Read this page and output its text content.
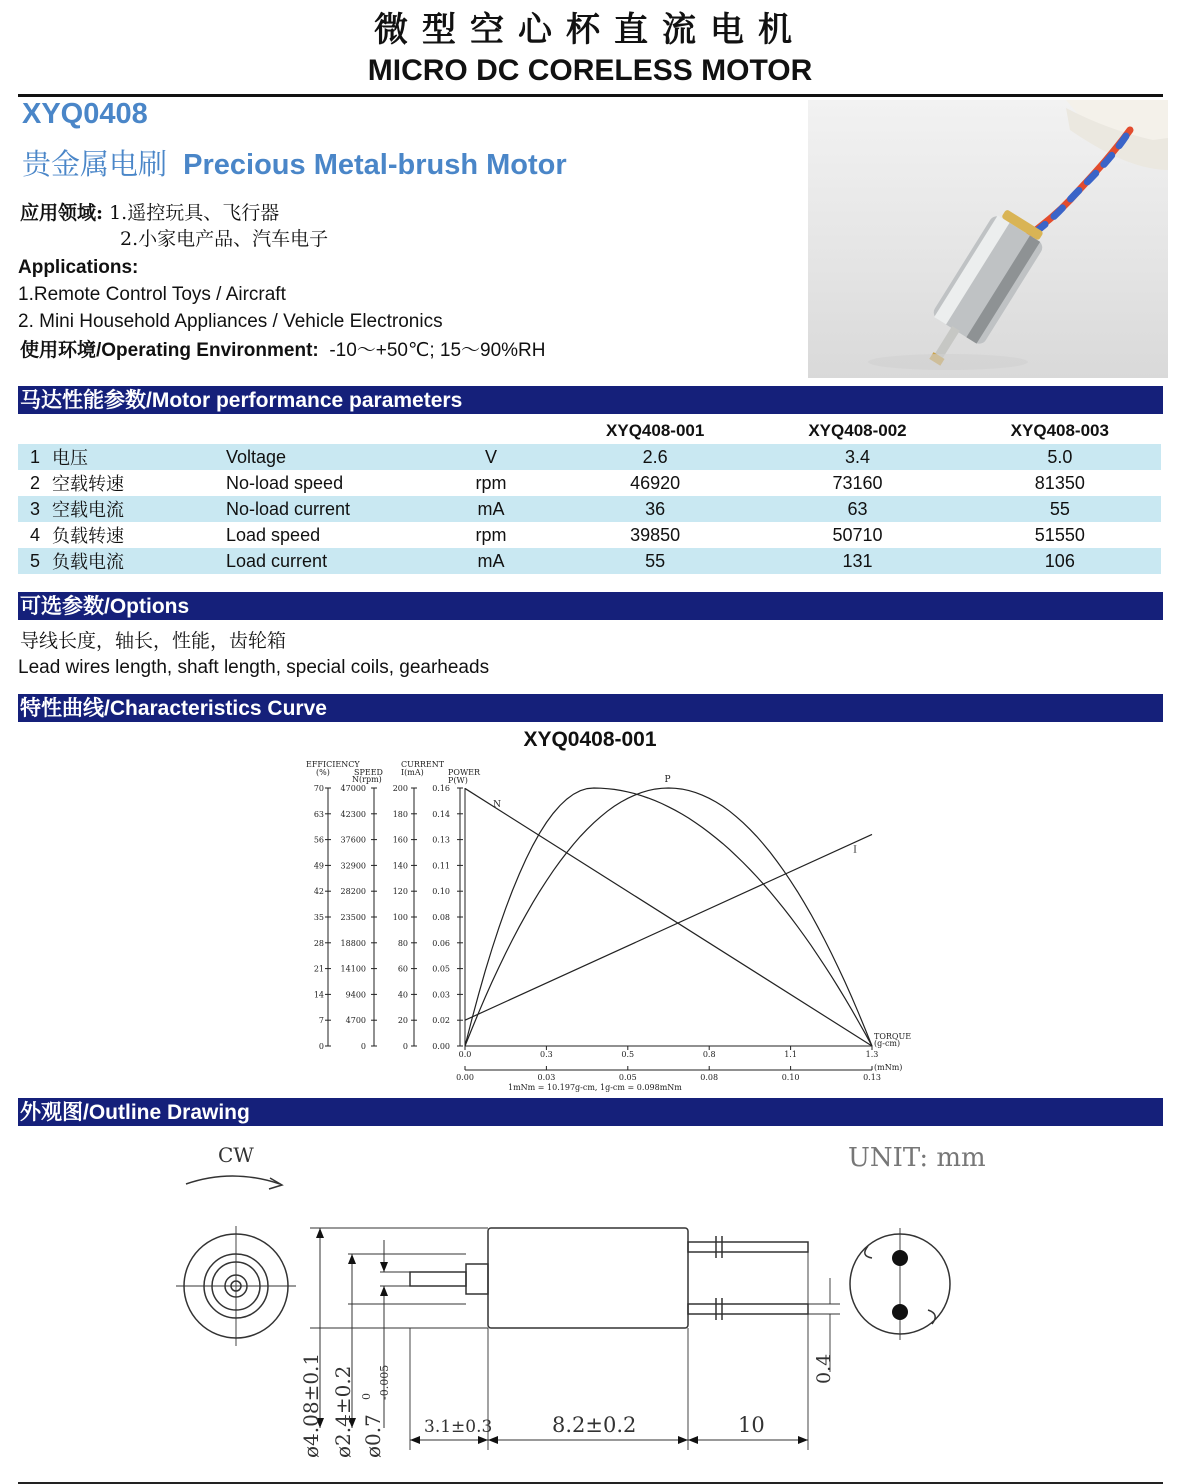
微型空心杯直流电机
MICRO DC CORELESS MOTOR
XYQ0408
贵金属电刷 Precious Metal-brush Motor
应用领域: 1.遥控玩具、飞行器
2.小家电产品、汽车电子
Applications:
1.Remote Control Toys / Aircraft
2. Mini Household Appliances / Vehicle Electronics
使用环境/Operating Environment: -10～+50℃; 15～90%RH
马达性能参数/Motor performance parameters
				XYQ408-001	XYQ408-002	XYQ408-003
1	电压	Voltage	V	2.6	3.4	5.0
2	空载转速	No-load speed	rpm	46920	73160	81350
3	空载电流	No-load current	mA	36	63	55
4	负载转速	Load speed	rpm	39850	50710	51550
5	负载电流	Load current	mA	55	131	106
可选参数/Options
导线长度，轴长，性能，齿轮箱
Lead wires length, shaft length, special coils, gearheads
特性曲线/Characteristics Curve
XYQ0408-001
EFFICIENCY
(%)	SPEED
N(rpm)
CURRENT
I(mA)	POWER
P(W)
TORQUE
(g-cm)
(mNm)
1mNm = 10.197g-cm, 1g-cm = 0.098mNm
70
63
56
49
42
35
28
21
14
7
0
47000
42300
37600
32900
28200
23500
18800
14100
9400
4700
0
200
180
160
140
120
100
80
60
40
20
0
0.16
0.14
0.13
0.11
0.10
0.08
0.06
0.05
0.03
0.02
0.00
0.0	0.3	0.5	0.8	1.1	1.3
0.00	0.03	0.05	0.08	0.10	0.13
N
I
P
外观图/Outline Drawing
CW	UNIT: mm
ø4.08±0.1 ø2.4±0.2 ø0.7
0 -0.005
3.1±0.3	8.2±0.2	10
0.4
